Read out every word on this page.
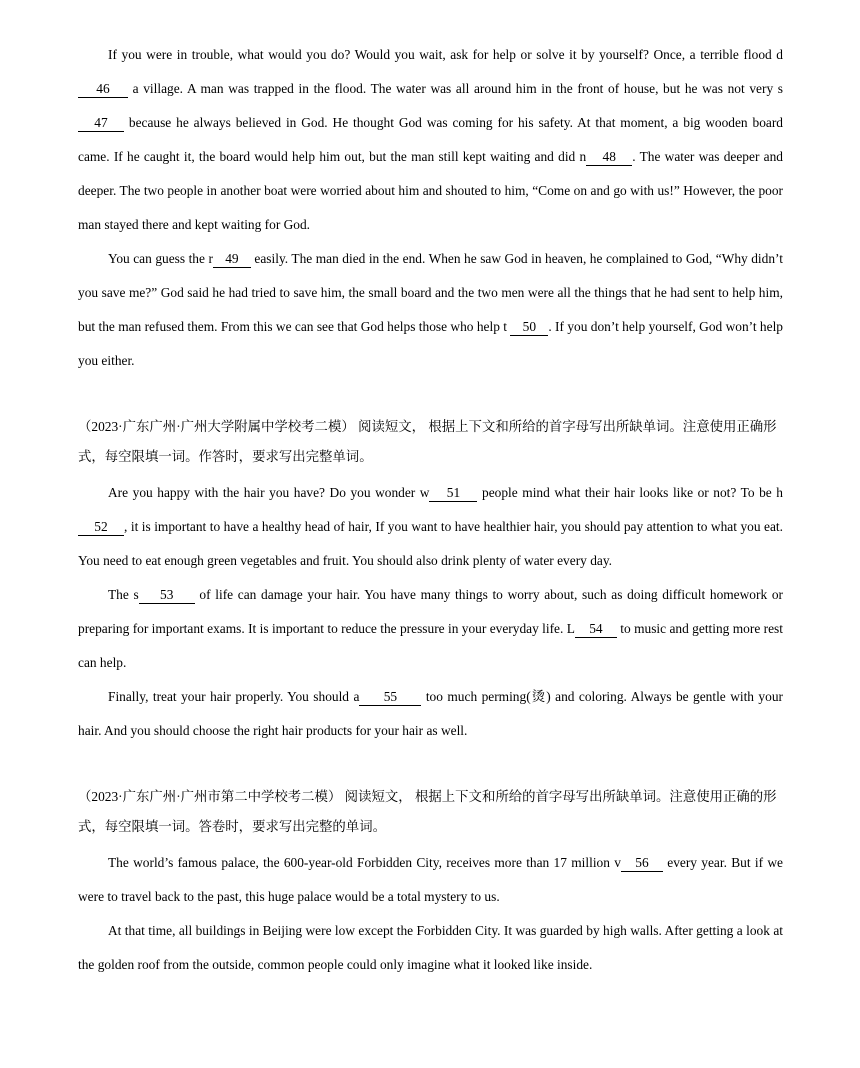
If you were in trouble, what would you do? Would you wait, ask for help or solve it by yourself? Once, a terrible flood d46 a village. A man was trapped in the flood. The water was all around him in the front of house, but he was not very s47 because he always believed in God. He thought God was coming for his safety. At that moment, a big wooden board came. If he caught it, the board would help him out, but the man still kept waiting and did n 48 . The water was deeper and deeper. The two people in another boat were worried about him and shouted to him, “Come on and go with us!” However, the poor man stayed there and kept waiting for God.

You can guess the r 49 easily. The man died in the end. When he saw God in heaven, he complained to God, “Why didn’t you save me?” God said he had tried to save him, the small board and the two men were all the things that he had sent to help him, but the man refused them. From this we can see that God helps those who help t 50 . If you don’t help yourself, God won’t help you either.

（2023·广东广州·广州大学附属中学校考二模） 阅读短文， 根据上下文和所给的首字母写出所缺单词。注意使用正确形式，每空限填一词。作答时，要求写出完整单词。

Are you happy with the hair you have? Do you wonder w 51 people mind what their hair looks like or not? To be h52 , it is important to have a healthy head of hair, If you want to have healthier hair, you should pay attention to what you eat. You need to eat enough green vegetables and fruit. You should also drink plenty of water every day.

The s 53 of life can damage your hair. You have many things to worry about, such as doing difficult homework or preparing for important exams. It is important to reduce the pressure in your everyday life. L 54 to music and getting more rest can help.

Finally, treat your hair properly. You should a 55 too much perming(烫) and coloring. Always be gentle with your hair. And you should choose the right hair products for your hair as well.

（2023·广东广州·广州市第二中学校考二模） 阅读短文， 根据上下文和所给的首字母写出所缺单词。注意使用正确的形式，每空限填一词。答卷时，要求写出完整的单词。

The world’s famous palace, the 600-year-old Forbidden City, receives more than 17 million v 56 every year. But if we were to travel back to the past, this huge palace would be a total mystery to us.

At that time, all buildings in Beijing were low except the Forbidden City. It was guarded by high walls. After getting a look at the golden roof from the outside, common people could only imagine what it looked like inside.
